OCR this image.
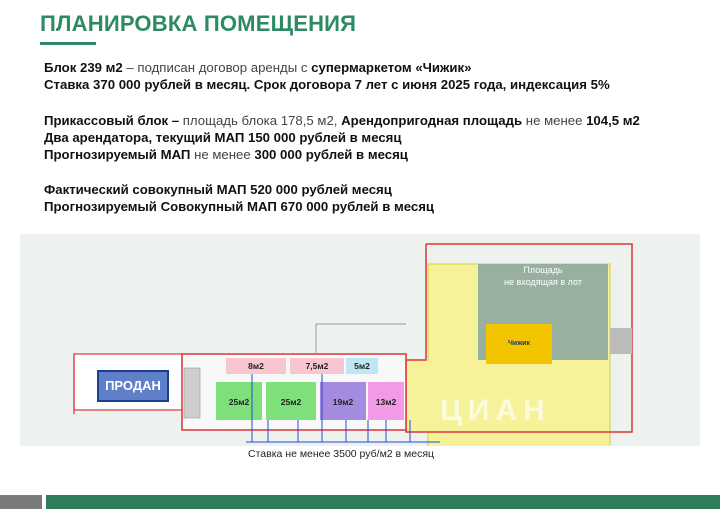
ПЛАНИРОВКА ПОМЕЩЕНИЯ
Блок 239 м2 – подписан договор аренды с супермаркетом «Чижик»
Ставка 370 000 рублей в месяц. Срок договора 7 лет с июня 2025 года, индексация 5%
Прикассовый блок – площадь блока 178,5 м2, Арендопригодная площадь не менее 104,5 м2
Два арендатора, текущий МАП 150 000 рублей в месяц
Прогнозируемый МАП не менее 300 000 рублей в месяц
Фактический совокупный МАП 520 000 рублей месяц
Прогнозируемый Совокупный МАП 670 000 рублей в месяц
ПРОДАН
8м2	7,5м2	5м2
25м2	25м2	19м2	13м2
Площадь
не входящая в лот
Чижик
ЦИАН
Ставка не менее 3500 руб/м2 в месяц
